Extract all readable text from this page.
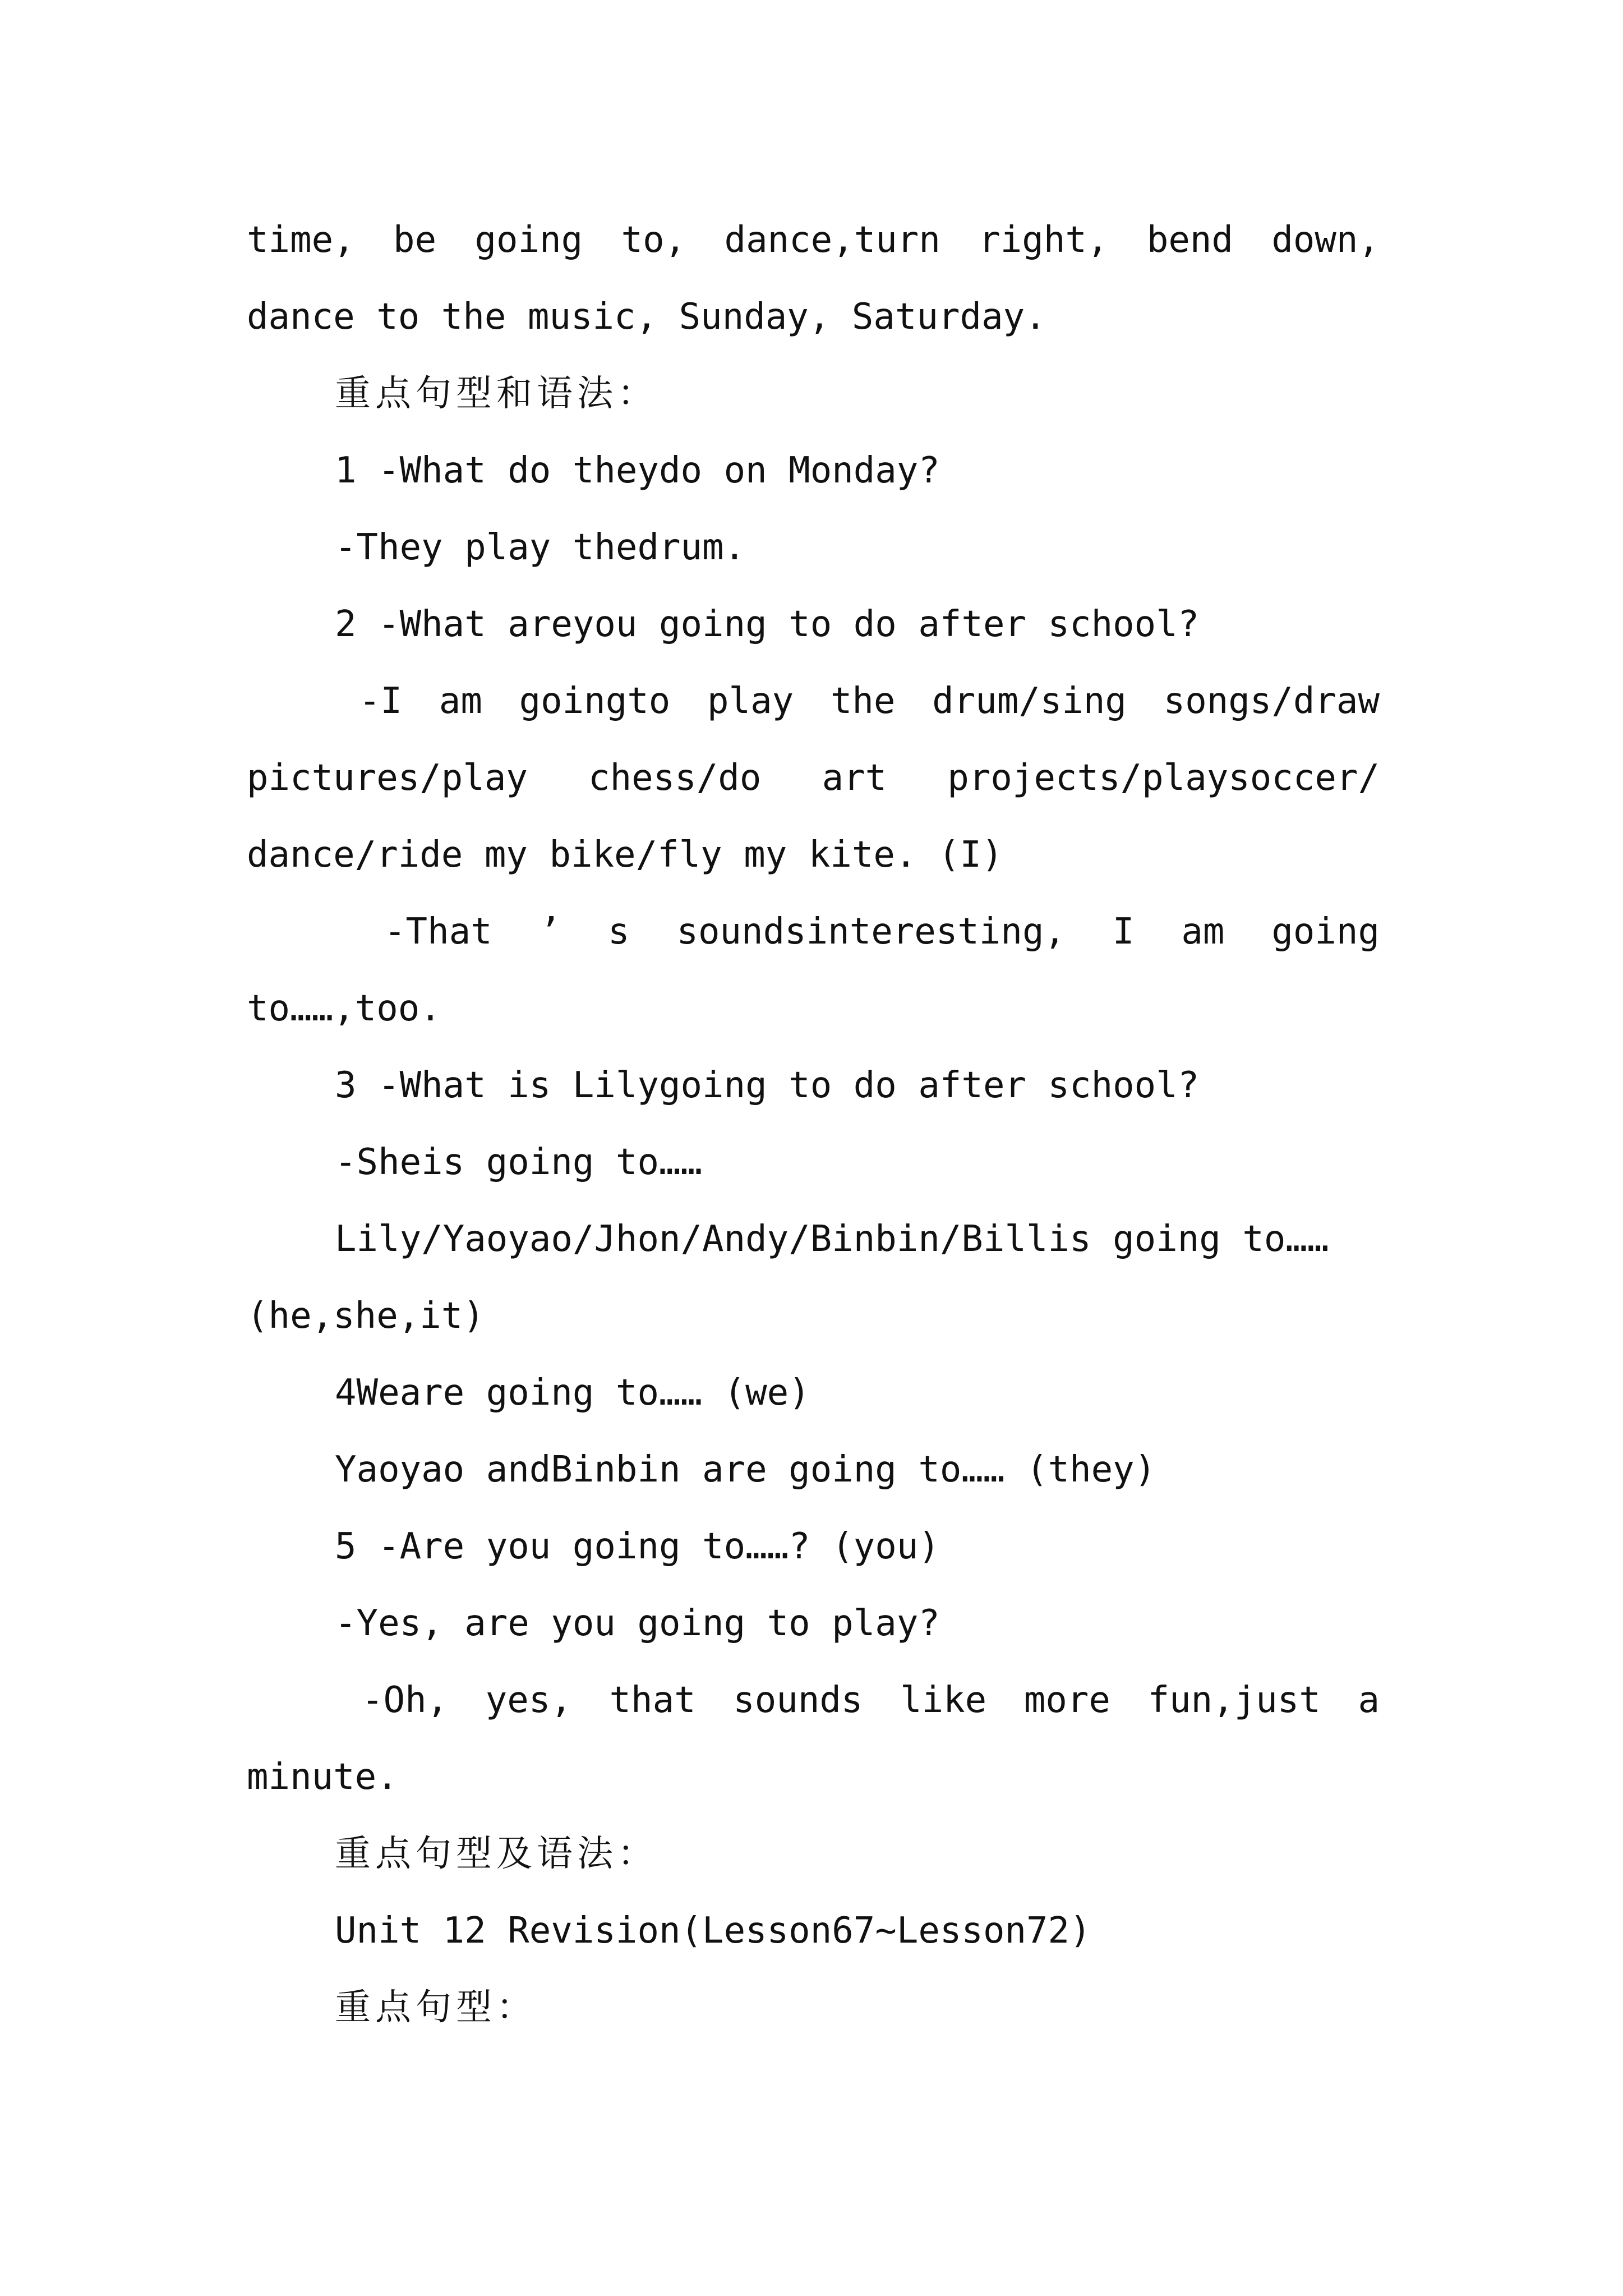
time, be going to, dance,turn right, bend down,
dance to the music, Sunday, Saturday.
重点句型和语法：
1 -What do theydo on Monday?
-They play thedrum.
2 -What areyou going to do after school?
-I am goingto play the drum/sing songs/draw
pictures/play chess/do art projects/playsoccer/
dance/ride my bike/fly my kite. (I)
-That ’ s soundsinteresting, I am going
to……,too.
3 -What is Lilygoing to do after school?
-Sheis going to……
Lily/Yaoyao/Jhon/Andy/Binbin/Billis going to……
(he,she,it)
4Weare going to…… (we)
Yaoyao andBinbin are going to…… (they)
5 -Are you going to……? (you)
-Yes, are you going to play?
-Oh, yes, that sounds like more fun,just a
minute.
重点句型及语法：
Unit 12 Revision(Lesson67~Lesson72)
重点句型：
